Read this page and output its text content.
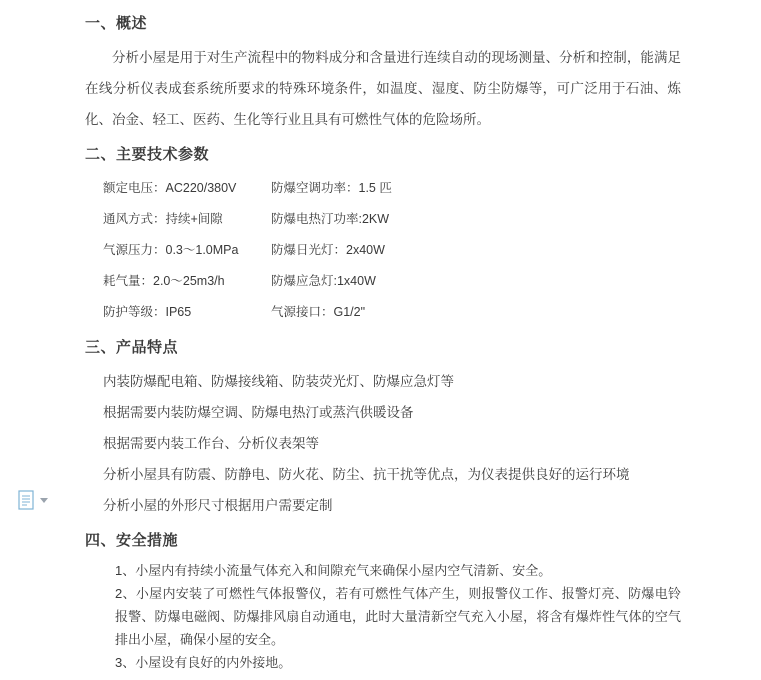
一、概述

分析小屋是用于对生产流程中的物料成分和含量进行连续自动的现场测量、分析和控制，能满足在线分析仪表成套系统所要求的特殊环境条件，如温度、湿度、防尘防爆等，可广泛用于石油、炼化、冶金、轻工、医药、生化等行业且具有可燃性气体的危险场所。

二、主要技术参数
额定电压：AC220/380V	防爆空调功率：1.5 匹
通风方式：持续+间隙	防爆电热汀功率:2KW
气源压力：0.3～1.0MPa	防爆日光灯：2x40W
耗气量：2.0～25m3/h	防爆应急灯:1x40W
防护等级：IP65	气源接口：G1/2"
三、产品特点
内装防爆配电箱、防爆接线箱、防装荧光灯、防爆应急灯等
根据需要内装防爆空调、防爆电热汀或蒸汽供暖设备
根据需要内装工作台、分析仪表架等
分析小屋具有防震、防静电、防火花、防尘、抗干扰等优点，为仪表提供良好的运行环境
分析小屋的外形尺寸根据用户需要定制
四、安全措施
1、小屋内有持续小流量气体充入和间隙充气来确保小屋内空气清新、安全。
2、小屋内安装了可燃性气体报警仪，若有可燃性气体产生，则报警仪工作、报警灯亮、防爆电铃报警、防爆电磁阀、防爆排风扇自动通电，此时大量清新空气充入小屋，将含有爆炸性气体的空气排出小屋，确保小屋的安全。
3、小屋设有良好的内外接地。
